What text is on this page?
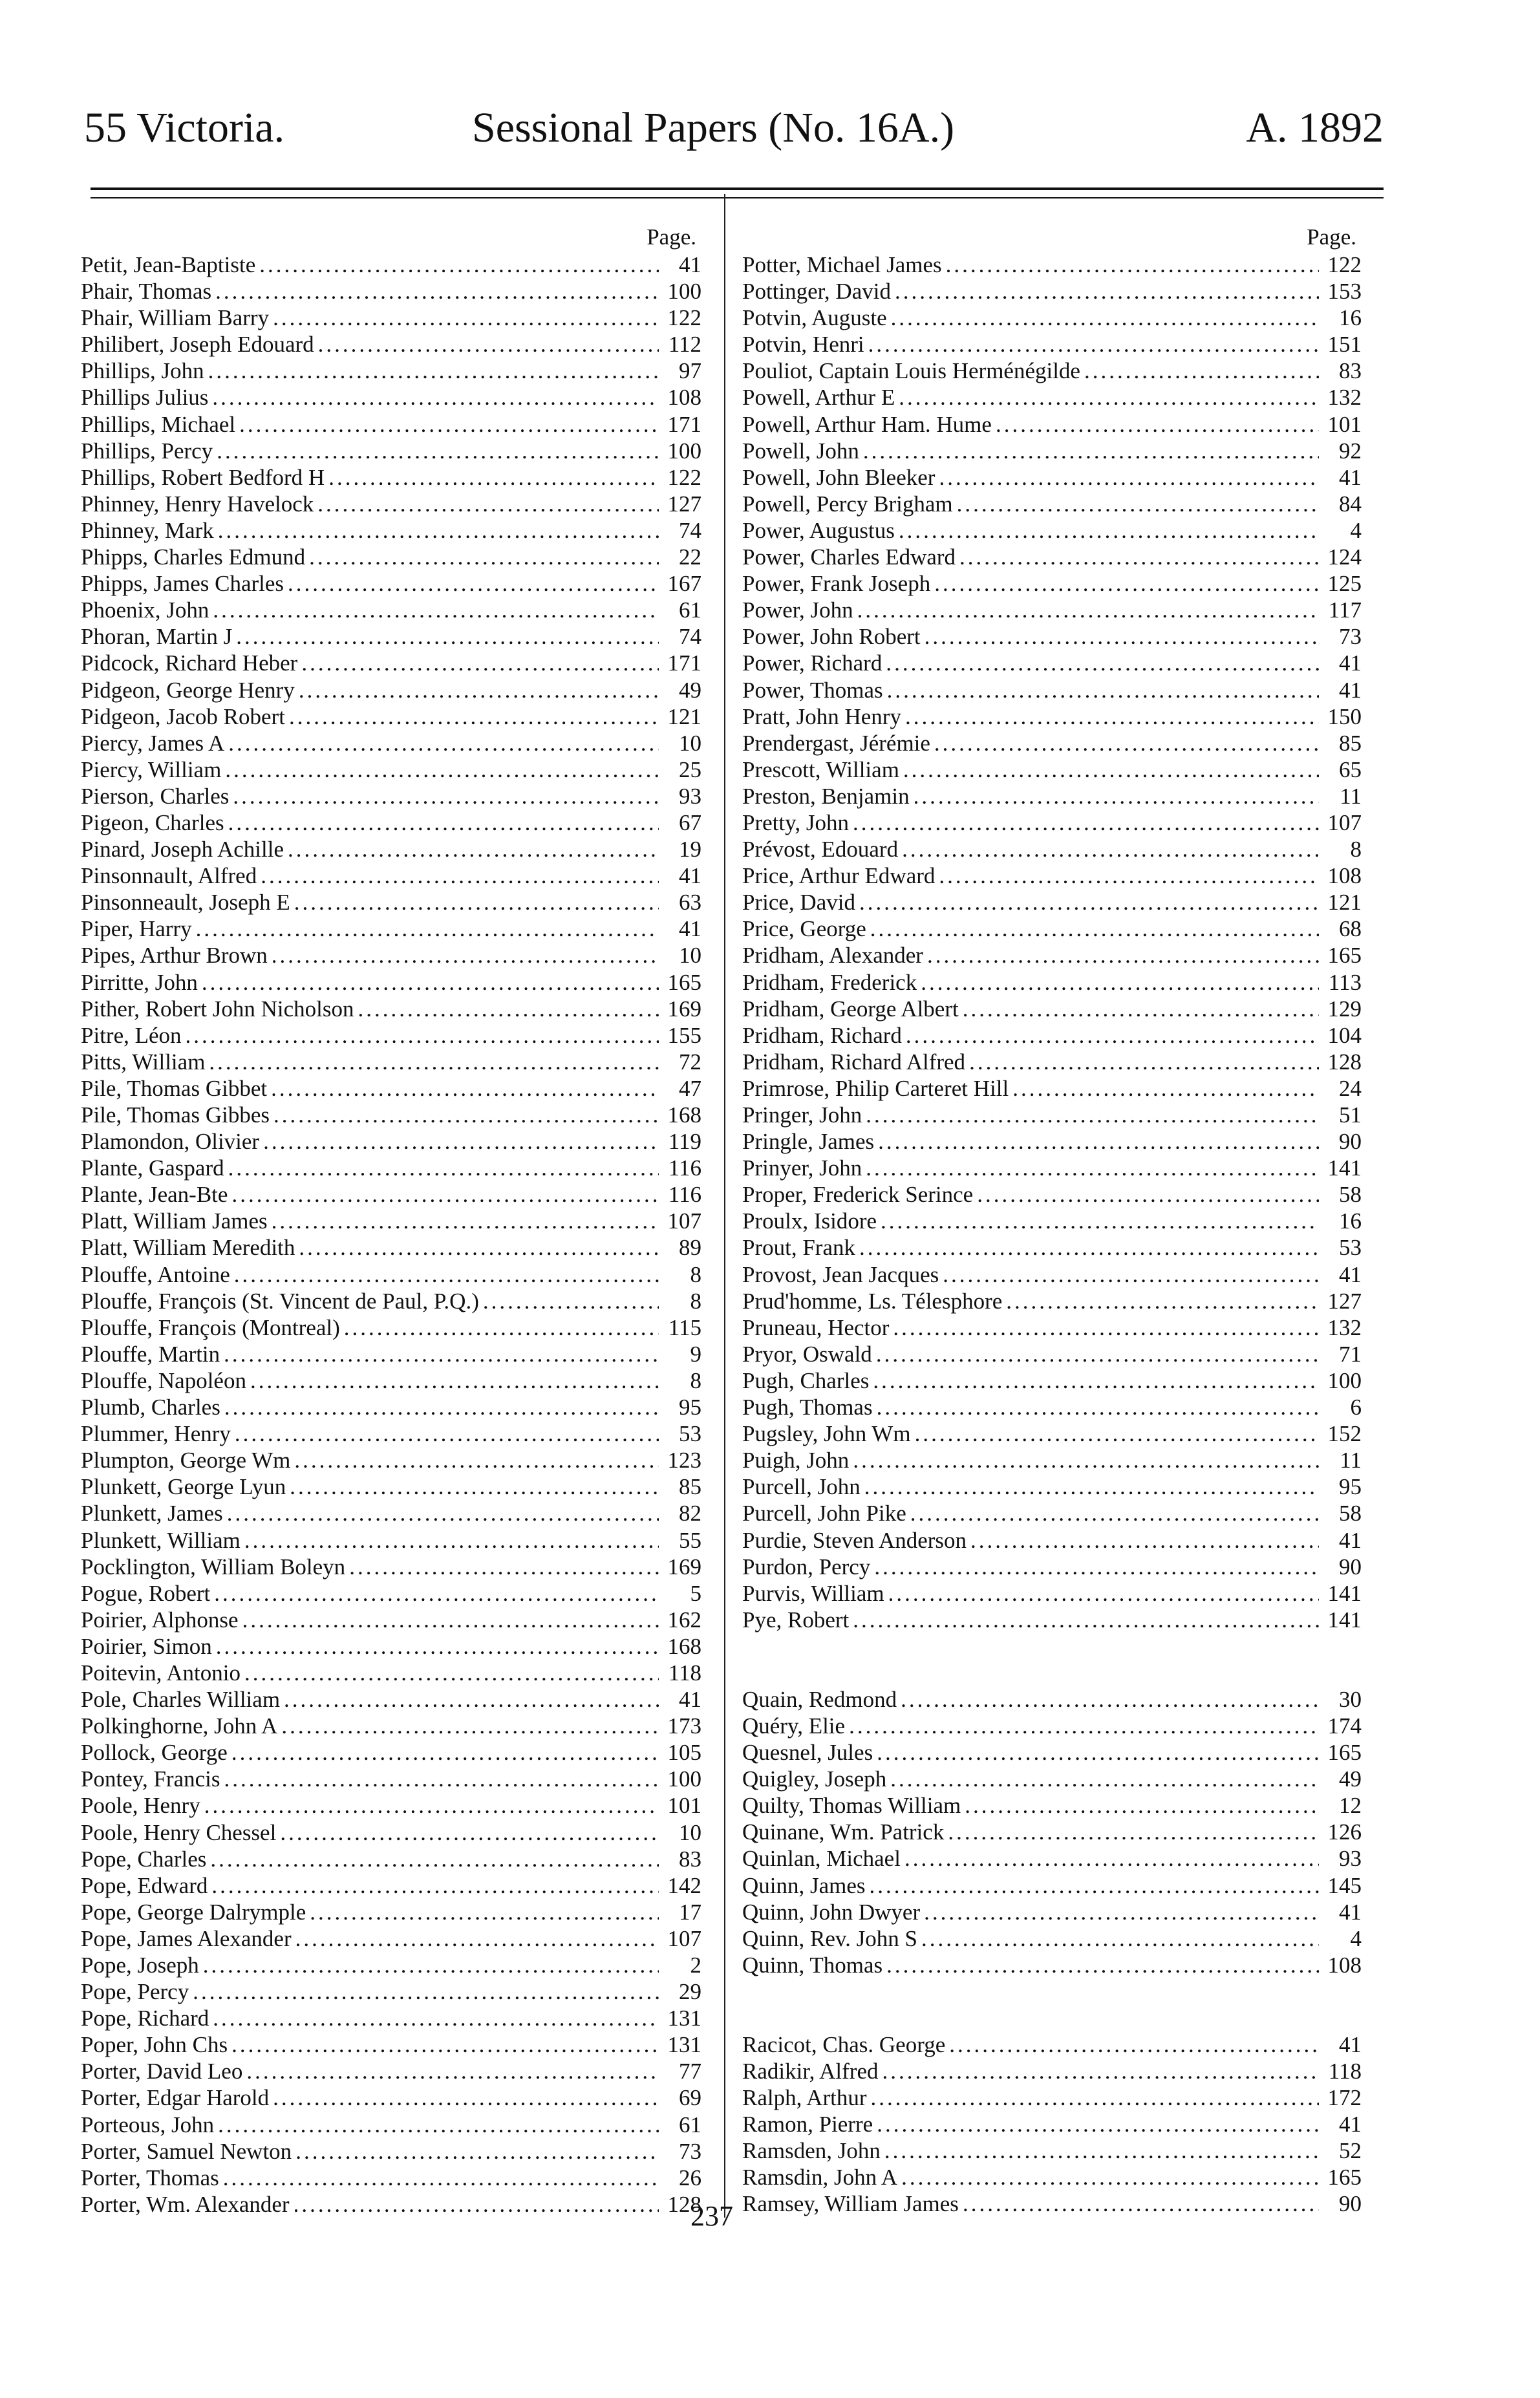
55 Victoria.	Sessional Papers (No. 16A.)	A. 1892
Page.
Petit, Jean-Baptiste .....	41
Phair, Thomas .....	100
Phair, William Barry .....	122
Philibert, Joseph Edouard .....	112
Phillips, John .....	97
Phillips Julius .....	108
Phillips, Michael .....	171
Phillips, Percy .....	100
Phillips, Robert Bedford H .....	122
Phinney, Henry Havelock .....	127
Phinney, Mark .....	74
Phipps, Charles Edmund .....	22
Phipps, James Charles .....	167
Phoenix, John .....	61
Phoran, Martin J .....	74
Pidcock, Richard Heber .....	171
Pidgeon, George Henry .....	49
Pidgeon, Jacob Robert .....	121
Piercy, James A .....	10
Piercy, William .....	25
Pierson, Charles .....	93
Pigeon, Charles .....	67
Pinard, Joseph Achille .....	19
Pinsonnault, Alfred .....	41
Pinsonneault, Joseph E .....	63
Piper, Harry .....	41
Pipes, Arthur Brown .....	10
Pirritte, John .....	165
Pither, Robert John Nicholson .....	169
Pitre, Léon .....	155
Pitts, William .....	72
Pile, Thomas Gibbet .....	47
Pile, Thomas Gibbes .....	168
Plamondon, Olivier .....	119
Plante, Gaspard .....	116
Plante, Jean-Bte .....	116
Platt, William James .....	107
Platt, William Meredith .....	89
Plouffe, Antoine .....	8
Plouffe, François (St. Vincent de Paul, P.Q.) .....	8
Plouffe, François (Montreal) .....	115
Plouffe, Martin .....	9
Plouffe, Napoléon .....	8
Plumb, Charles .....	95
Plummer, Henry .....	53
Plumpton, George Wm .....	123
Plunkett, George Lyun .....	85
Plunkett, James .....	82
Plunkett, William .....	55
Pocklington, William Boleyn .....	169
Pogue, Robert .....	5
Poirier, Alphonse .....	162
Poirier, Simon .....	168
Poitevin, Antonio .....	118
Pole, Charles William .....	41
Polkinghorne, John A .....	173
Pollock, George .....	105
Pontey, Francis .....	100
Poole, Henry .....	101
Poole, Henry Chessel .....	10
Pope, Charles .....	83
Pope, Edward .....	142
Pope, George Dalrymple .....	17
Pope, James Alexander .....	107
Pope, Joseph .....	2
Pope, Percy .....	29
Pope, Richard .....	131
Poper, John Chs .....	131
Porter, David Leo .....	77
Porter, Edgar Harold .....	69
Porteous, John .....	61
Porter, Samuel Newton .....	73
Porter, Thomas .....	26
Porter, Wm. Alexander .....	128
Page.
Potter, Michael James .....	122
Pottinger, David .....	153
Potvin, Auguste .....	16
Potvin, Henri .....	151
Pouliot, Captain Louis Herménégilde .....	83
Powell, Arthur E .....	132
Powell, Arthur Ham. Hume .....	101
Powell, John .....	92
Powell, John Bleeker .....	41
Powell, Percy Brigham .....	84
Power, Augustus .....	4
Power, Charles Edward .....	124
Power, Frank Joseph .....	125
Power, John .....	117
Power, John Robert .....	73
Power, Richard .....	41
Power, Thomas .....	41
Pratt, John Henry .....	150
Prendergast, Jérémie .....	85
Prescott, William .....	65
Preston, Benjamin .....	11
Pretty, John .....	107
Prévost, Edouard .....	8
Price, Arthur Edward .....	108
Price, David .....	121
Price, George .....	68
Pridham, Alexander .....	165
Pridham, Frederick .....	113
Pridham, George Albert .....	129
Pridham, Richard .....	104
Pridham, Richard Alfred .....	128
Primrose, Philip Carteret Hill .....	24
Pringer, John .....	51
Pringle, James .....	90
Prinyer, John .....	141
Proper, Frederick Serince .....	58
Proulx, Isidore .....	16
Prout, Frank .....	53
Provost, Jean Jacques .....	41
Prud'homme, Ls. Télesphore .....	127
Pruneau, Hector .....	132
Pryor, Oswald .....	71
Pugh, Charles .....	100
Pugh, Thomas .....	6
Pugsley, John Wm .....	152
Puigh, John .....	11
Purcell, John .....	95
Purcell, John Pike .....	58
Purdie, Steven Anderson .....	41
Purdon, Percy .....	90
Purvis, William .....	141
Pye, Robert .....	141
Quain, Redmond .....	30
Quéry, Elie .....	174
Quesnel, Jules .....	165
Quigley, Joseph .....	49
Quilty, Thomas William .....	12
Quinane, Wm. Patrick .....	126
Quinlan, Michael .....	93
Quinn, James .....	145
Quinn, John Dwyer .....	41
Quinn, Rev. John S .....	4
Quinn, Thomas .....	108
Racicot, Chas. George .....	41
Radikir, Alfred .....	118
Ralph, Arthur .....	172
Ramon, Pierre .....	41
Ramsden, John .....	52
Ramsdin, John A .....	165
Ramsey, William James .....	90
237
